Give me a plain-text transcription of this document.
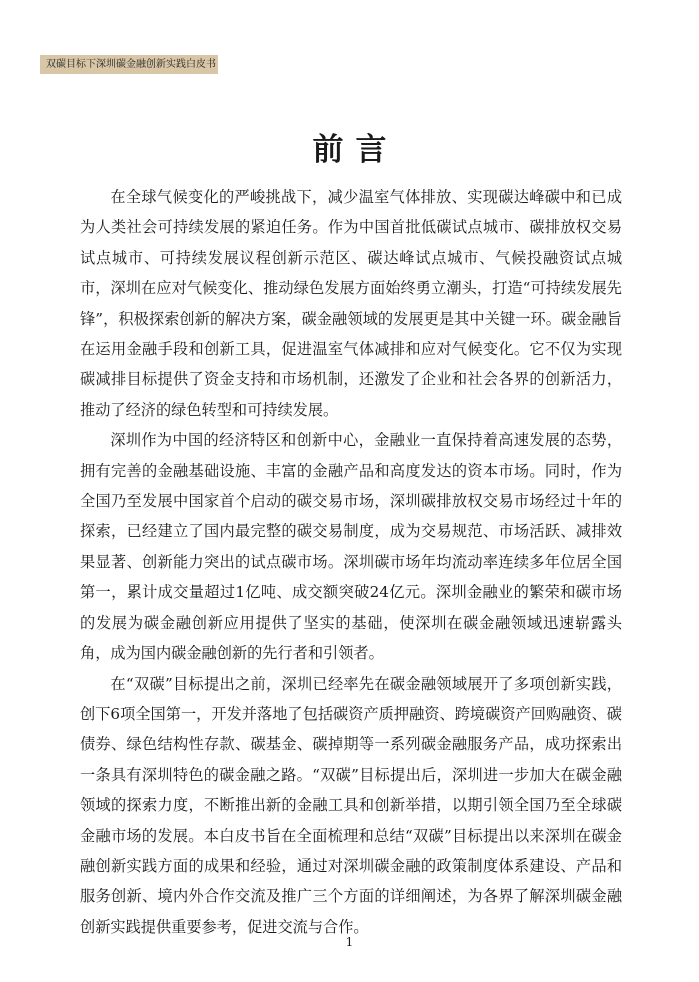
双碳目标下深圳碳金融创新实践白皮书
前言

在全球气候变化的严峻挑战下，减少温室气体排放、实现碳达峰碳中和已成为人类社会可持续发展的紧迫任务。作为中国首批低碳试点城市、碳排放权交易试点城市、可持续发展议程创新示范区、碳达峰试点城市、气候投融资试点城市，深圳在应对气候变化、推动绿色发展方面始终勇立潮头，打造“可持续发展先锋”，积极探索创新的解决方案，碳金融领域的发展更是其中关键一环。碳金融旨在运用金融手段和创新工具，促进温室气体减排和应对气候变化。它不仅为实现碳减排目标提供了资金支持和市场机制，还激发了企业和社会各界的创新活力，推动了经济的绿色转型和可持续发展。

深圳作为中国的经济特区和创新中心，金融业一直保持着高速发展的态势，拥有完善的金融基础设施、丰富的金融产品和高度发达的资本市场。同时，作为全国乃至发展中国家首个启动的碳交易市场，深圳碳排放权交易市场经过十年的探索，已经建立了国内最完整的碳交易制度，成为交易规范、市场活跃、减排效果显著、创新能力突出的试点碳市场。深圳碳市场年均流动率连续多年位居全国第一，累计成交量超过1亿吨、成交额突破24亿元。深圳金融业的繁荣和碳市场的发展为碳金融创新应用提供了坚实的基础，使深圳在碳金融领域迅速崭露头角，成为国内碳金融创新的先行者和引领者。

在“双碳”目标提出之前，深圳已经率先在碳金融领域展开了多项创新实践，创下6项全国第一，开发并落地了包括碳资产质押融资、跨境碳资产回购融资、碳债券、绿色结构性存款、碳基金、碳掉期等一系列碳金融服务产品，成功探索出一条具有深圳特色的碳金融之路。“双碳”目标提出后，深圳进一步加大在碳金融领域的探索力度，不断推出新的金融工具和创新举措，以期引领全国乃至全球碳金融市场的发展。本白皮书旨在全面梳理和总结“双碳”目标提出以来深圳在碳金融创新实践方面的成果和经验，通过对深圳碳金融的政策制度体系建设、产品和服务创新、境内外合作交流及推广三个方面的详细阐述，为各界了解深圳碳金融创新实践提供重要参考，促进交流与合作。

1
